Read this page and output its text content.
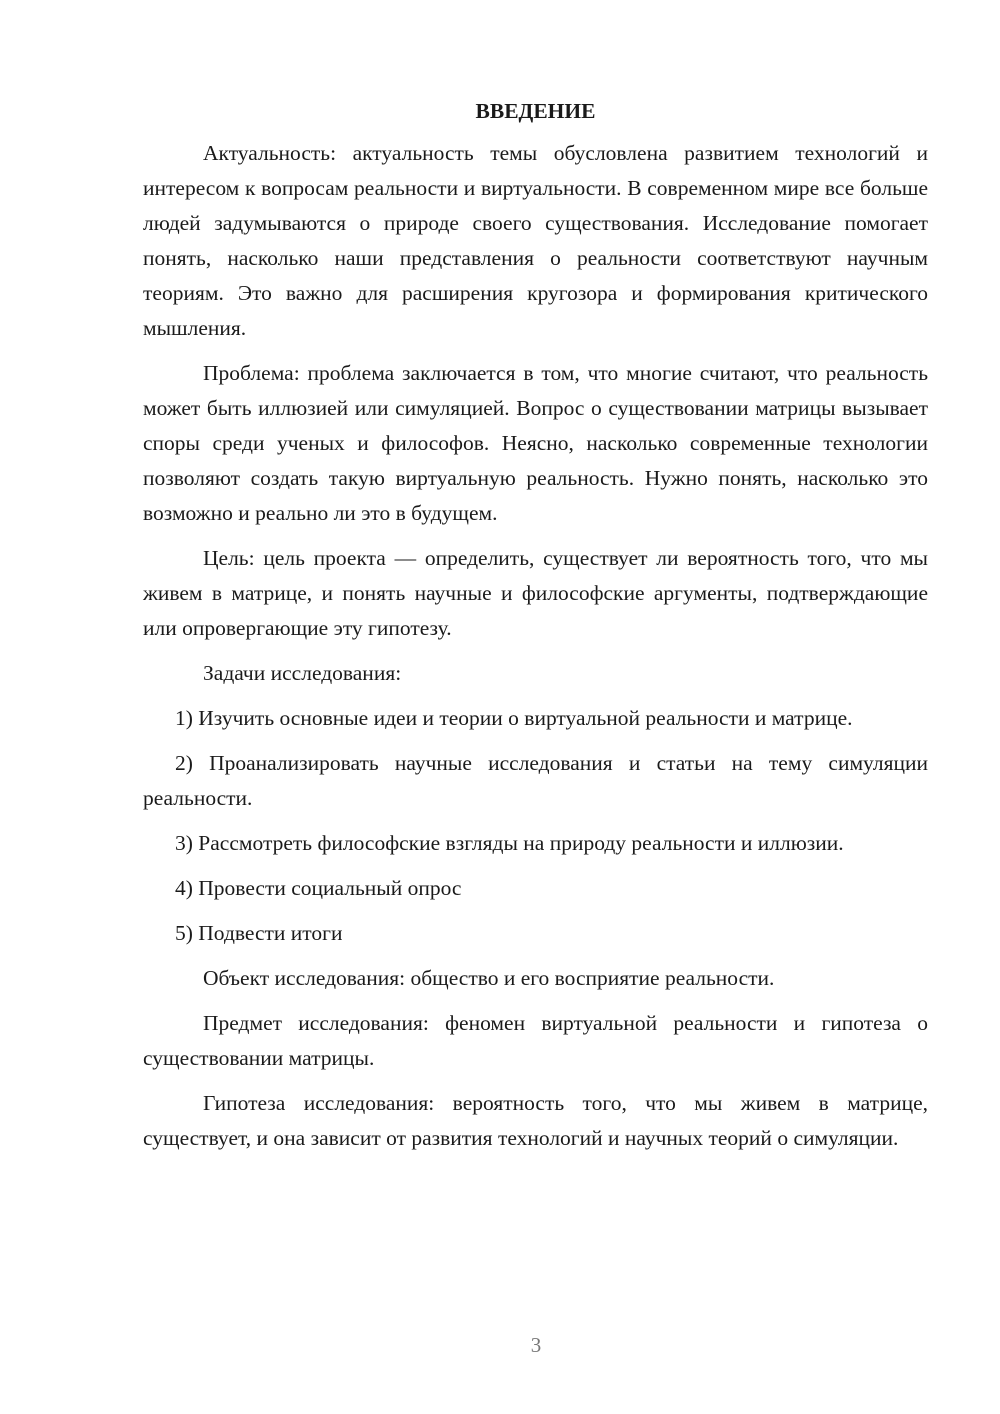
ВВЕДЕНИЕ

Актуальность: актуальность темы обусловлена развитием технологий и интересом к вопросам реальности и виртуальности. В современном мире все больше людей задумываются о природе своего существования. Исследование помогает понять, насколько наши представления о реальности соответствуют научным теориям. Это важно для расширения кругозора и формирования критического мышления.

Проблема: проблема заключается в том, что многие считают, что реальность может быть иллюзией или симуляцией. Вопрос о существовании матрицы вызывает споры среди ученых и философов. Неясно, насколько современные технологии позволяют создать такую виртуальную реальность. Нужно понять, насколько это возможно и реально ли это в будущем.

Цель: цель проекта — определить, существует ли вероятность того, что мы живем в матрице, и понять научные и философские аргументы, подтверждающие или опровергающие эту гипотезу.

Задачи исследования:

1) Изучить основные идеи и теории о виртуальной реальности и матрице.

2) Проанализировать научные исследования и статьи на тему симуляции реальности.

3) Рассмотреть философские взгляды на природу реальности и иллюзии.

4) Провести социальный опрос

5) Подвести итоги

Объект исследования: общество и его восприятие реальности.

Предмет исследования: феномен виртуальной реальности и гипотеза о существовании матрицы.

Гипотеза исследования: вероятность того, что мы живем в матрице, существует, и она зависит от развития технологий и научных теорий о симуляции.

3
